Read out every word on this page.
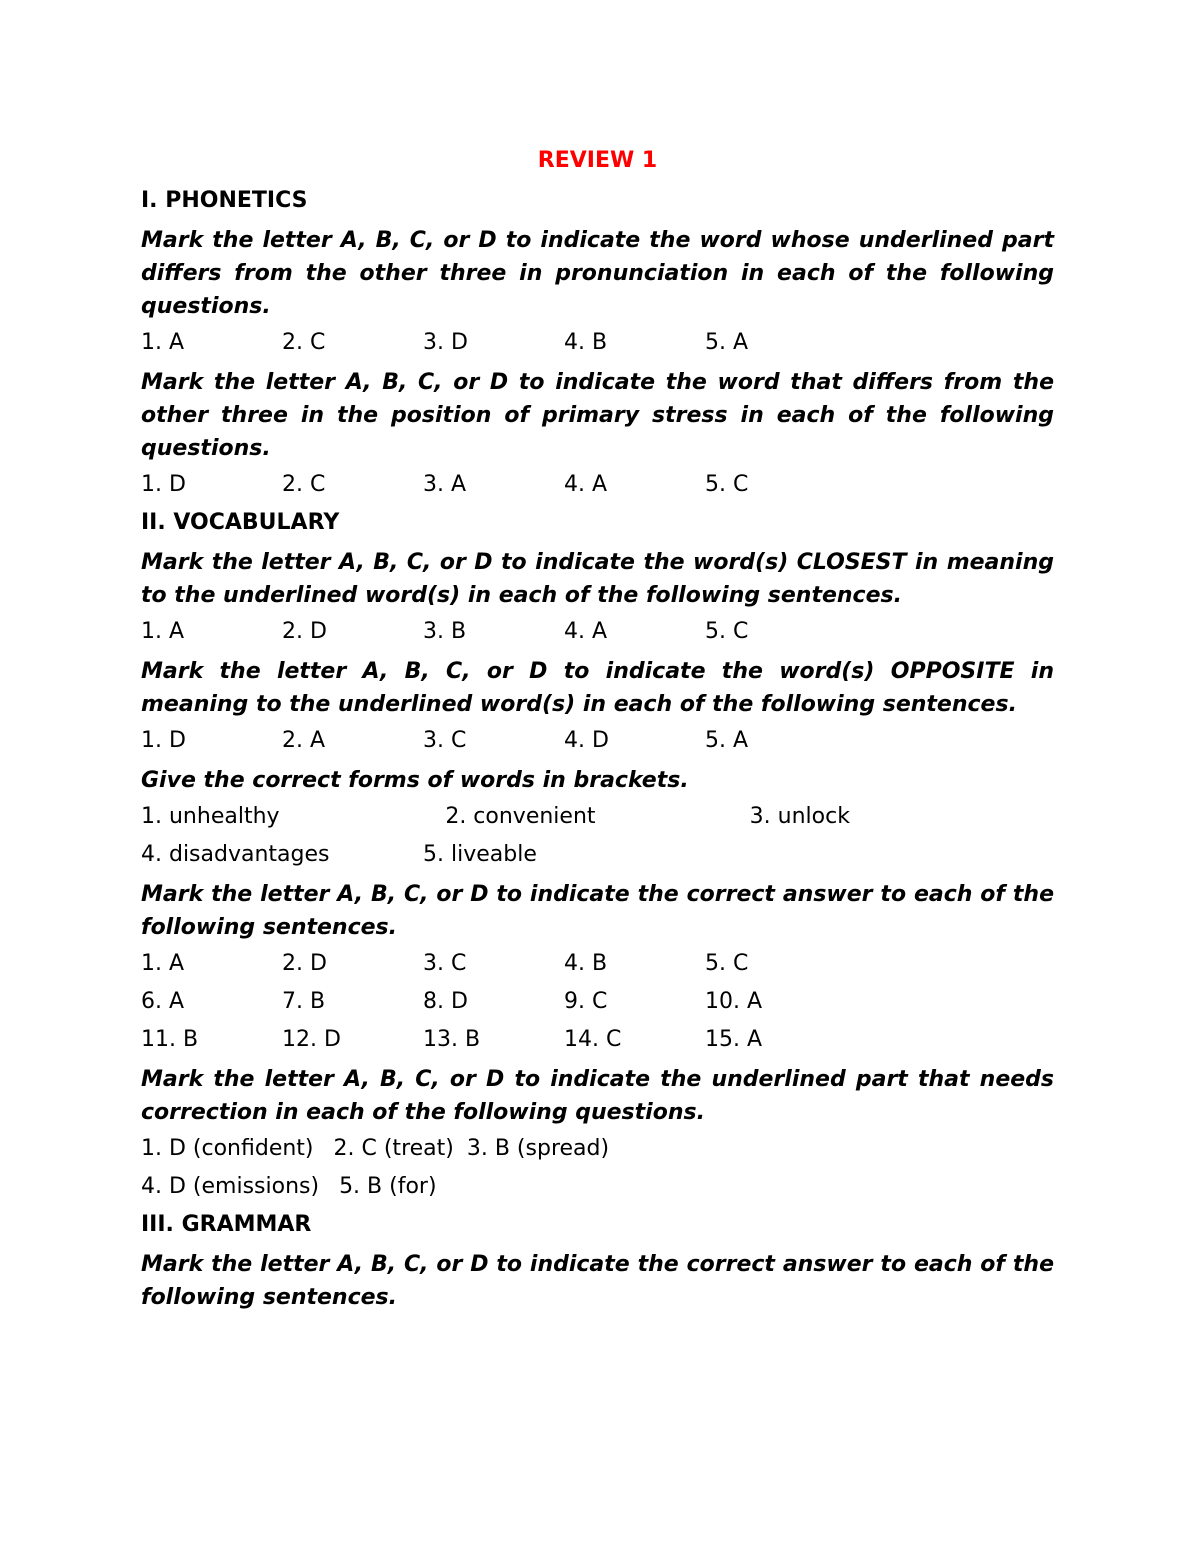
REVIEW 1
I. PHONETICS
Mark the letter A, B, C, or D to indicate the word whose underlined part differs from the other three in pronunciation in each of the following questions.
1. A	2. C	3. D	4. B	5. A
Mark the letter A, B, C, or D to indicate the word that differs from the other three in the position of primary stress in each of the following questions.
1. D	2. C	3. A	4. A	5. C
II. VOCABULARY
Mark the letter A, B, C, or D to indicate the word(s) CLOSEST in meaning to the underlined word(s) in each of the following sentences.
1. A	2. D	3. B	4. A	5. C
Mark the letter A, B, C, or D to indicate the word(s) OPPOSITE in meaning to the underlined word(s) in each of the following sentences.
1. D	2. A	3. C	4. D	5. A
Give the correct forms of words in brackets.
1. unhealthy	2. convenient	3. unlock
4. disadvantages	5. liveable
Mark the letter A, B, C, or D to indicate the correct answer to each of the following sentences.
1. A	2. D	3. C	4. B	5. C
6. A	7. B	8. D	9. C	10. A
11. B	12. D	13. B	14. C	15. A
Mark the letter A, B, C, or D to indicate the underlined part that needs correction in each of the following questions.
1. D (confident) 2. C (treat) 3. B (spread)
4. D (emissions) 5. B (for)
III. GRAMMAR
Mark the letter A, B, C, or D to indicate the correct answer to each of the following sentences.
